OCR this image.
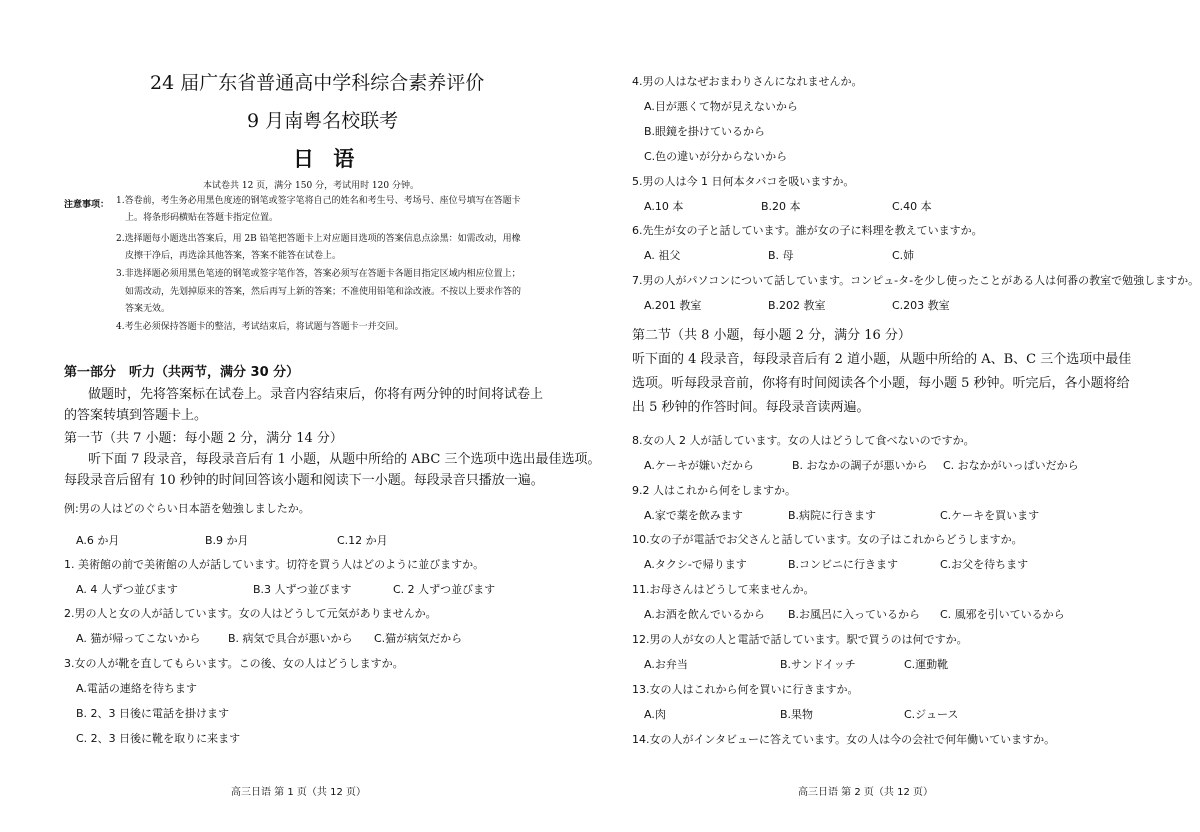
24 届广东省普通高中学科综合素养评价
9 月南粤名校联考
日 语
本试卷共 12 页，满分 150 分，考试用时 120 分钟。
注意事项： 1.答卷前，考生务必用黑色度迹的钢笔或签字笔将自己的姓名和考生号、考场号、座位号填写在答题卡
上。将条形码横贴在答题卡指定位置。
2.选择题每小题选出答案后，用 2B 铅笔把答题卡上对应题目选项的答案信息点涂黑：如需改动，用橡
皮擦干净后，再选涂其他答案，答案不能答在试卷上。
3.非选择题必须用黑色笔迹的钢笔或签字笔作答，答案必须写在答题卡各题目指定区域内相应位置上；
如需改动，先划掉原来的答案，然后再写上新的答案；不准使用铅笔和涂改液。不按以上要求作答的
答案无效。
4.考生必须保持答题卡的整洁，考试结束后，将试题与答题卡一并交回。
第一部分　听力（共两节，满分 30 分）
做题时，先将答案标在试卷上。录音内容结束后，你将有两分钟的时间将试卷上
的答案转填到答题卡上。
第一节（共 7 小题：每小题 2 分，满分 14 分）
听下面 7 段录音，每段录音后有 1 小题，从题中所给的 ABC 三个选项中选出最佳选项。
每段录音后留有 10 秒钟的时间回答该小题和阅读下一小题。每段录音只播放一遍。
例:男の人はどのぐらい日本語を勉強しましたか。
A.6 か月	B.9 か月	C.12 か月
1. 美術館の前で美術館の人が話しています。切符を買う人はどのように並びますか。
A. 4 人ずつ並びます	B.3 人ずつ並びます	C. 2 人ずつ並びます
2.男の人と女の人が話しています。女の人はどうして元気がありませんか。
A. 猫が帰ってこないから	B. 病気で具合が悪いから C.猫が病気だから
3.女の人が靴を直してもらいます。この後、女の人はどうしますか。
A.電話の連絡を待ちます
B. 2、3 日後に電話を掛けます
C. 2、3 日後に靴を取りに来ます
高三日语 第 1 页（共 12 页）
4.男の人はなぜおまわりさんになれませんか。
A.目が悪くて物が見えないから
B.眼鏡を掛けているから
C.色の違いが分からないから
5.男の人は今 1 日何本タバコを吸いますか。
A.10 本	B.20 本	C.40 本
6.先生が女の子と話しています。誰が女の子に料理を教えていますか。
A. 祖父	B. 母	C.姉
7.男の人がパソコンについて話しています。コンピュ-タ-を少し使ったことがある人は何番の教室で勉強しますか。
A.201 教室	B.202 教室	C.203 教室
第二节（共 8 小题，每小题 2 分，满分 16 分）
听下面的 4 段录音，每段录音后有 2 道小题，从题中所给的 A、B、C 三个选项中最佳
选项。听每段录音前，你将有时间阅读各个小题，每小题 5 秒钟。听完后，各小题将给
出 5 秒钟的作答时间。每段录音读两遍。
8.女の人 2 人が話しています。女の人はどうして食べないのですか。
A.ケーキが嫌いだから	B. おなかの調子が悪いから C. おなかがいっぱいだから
9.2 人はこれから何をしますか。
A.家で薬を飲みます	B.病院に行きます	C.ケーキを買います
10.女の子が電話でお父さんと話しています。女の子はこれからどうしますか。
A.タクシ-で帰ります	B.コンビニに行きます	C.お父を待ちます
11.お母さんはどうして来ませんか。
A.お酒を飲んでいるから B.お風呂に入っているから C. 風邪を引いているから
12.男の人が女の人と電話で話しています。駅で買うのは何ですか。
A.お弁当	B.サンドイッチ	C.運動靴
13.女の人はこれから何を買いに行きますか。
A.肉	B.果物	C.ジュース
14.女の人がインタビューに答えています。女の人は今の会社で何年働いていますか。
高三日语 第 2 页（共 12 页）
